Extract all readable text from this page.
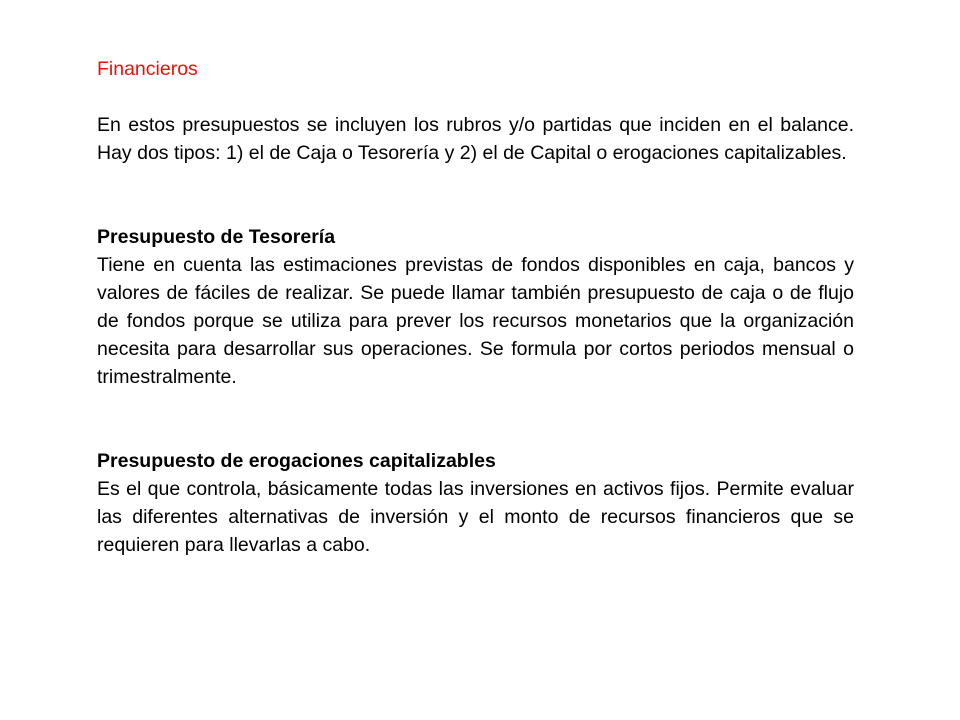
Financieros

En estos presupuestos se incluyen los rubros y/o partidas que inciden en el balance. Hay dos tipos: 1) el de Caja o Tesorería y 2) el de Capital o erogaciones capitalizables.

Presupuesto de Tesorería

Tiene en cuenta las estimaciones previstas de fondos disponibles en caja, bancos y valores de fáciles de realizar. Se puede llamar también presupuesto de caja o de flujo de fondos porque se utiliza para prever los recursos monetarios que la organización necesita para desarrollar sus operaciones. Se formula por cortos periodos mensual o trimestralmente.

Presupuesto de erogaciones capitalizables

Es el que controla, básicamente todas las inversiones en activos fijos. Permite evaluar las diferentes alternativas de inversión y el monto de recursos financieros que se requieren para llevarlas a cabo.
